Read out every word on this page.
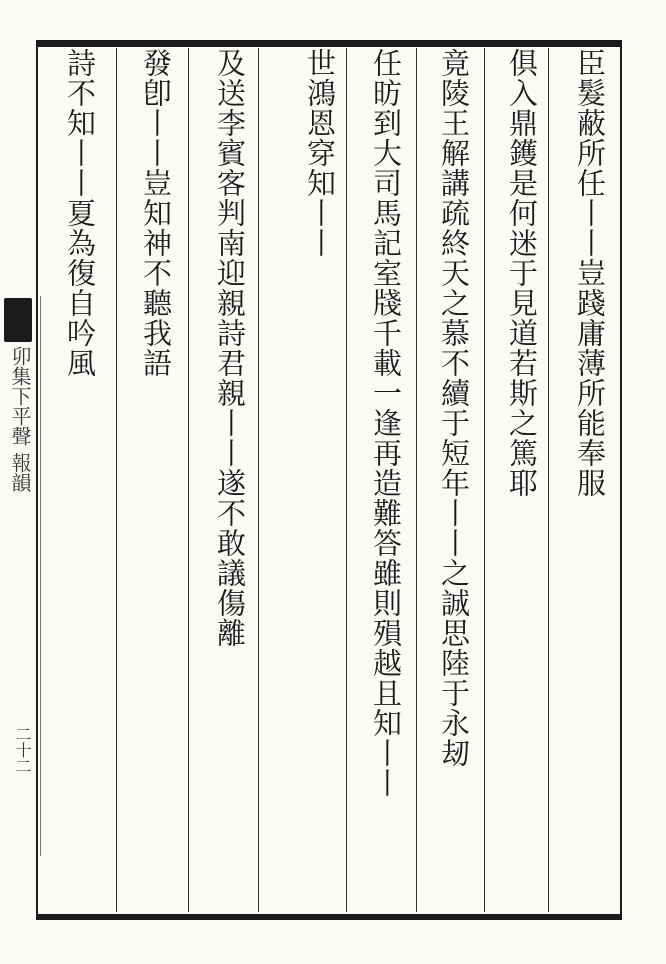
卯集下平聲 報韻
二十二
臣髮蔽所任丨丨豈踐庸薄所能奉服
俱入鼎鑊是何迷于見道若斯之篤耶
竟陵王解講疏終天之慕不續于短年丨丨之誠思陸于永刼
任昉到大司馬記室牋千載一逢再造難答雖則殞越且知丨丨
世鴻恩穿知丨丨
及送李賓客判南迎親詩君親丨丨遂不敢議傷離
發卽丨丨豈知神不聽我語
詩不知丨丨夏為復自吟風
